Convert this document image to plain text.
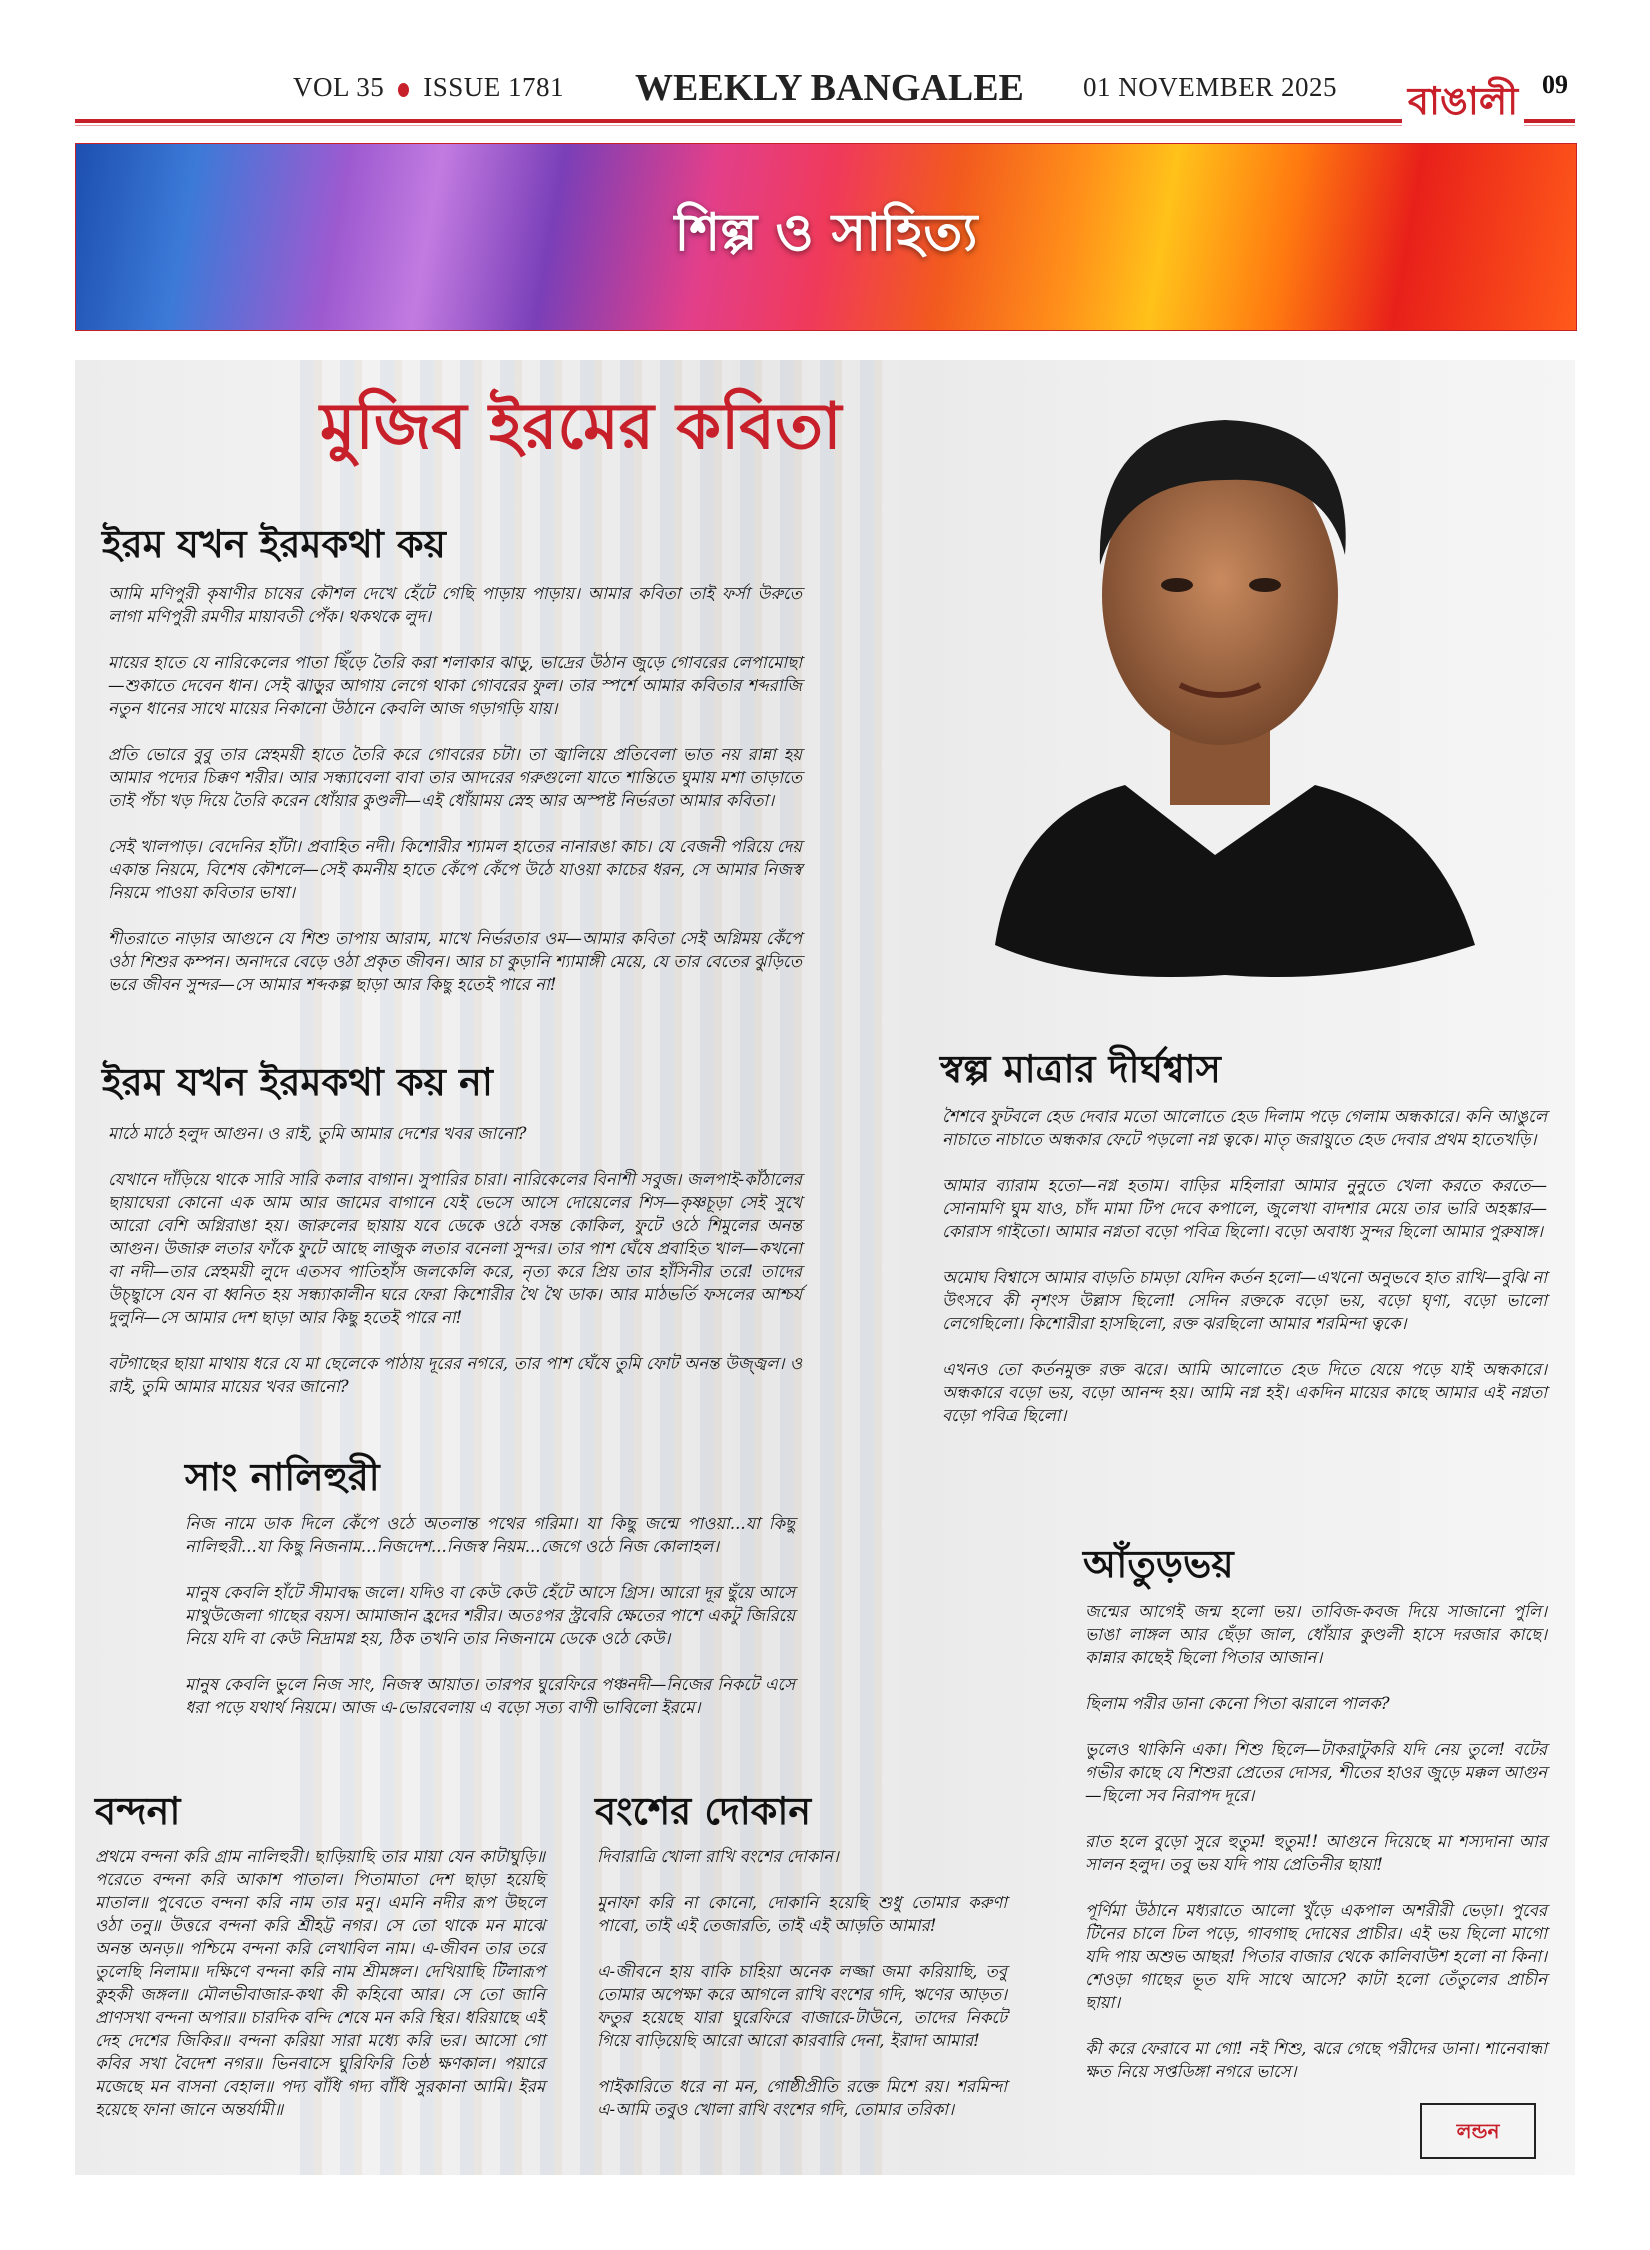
VOL 35 ISSUE 1781 WEEKLY BANGALEE 01 NOVEMBER 2025 বাঙালী 09
শিল্প ও সাহিত্য
মুজিব ইরমের কবিতা
ইরম যখন ইরমকথা কয়

আমি মণিপুরী কৃষাণীর চাষের কৌশল দেখে হেঁটে গেছি পাড়ায় পাড়ায়। আমার কবিতা তাই ফর্সা উরুতে লাগা মণিপুরী রমণীর মায়াবতী পেঁক। থকথকে লুদ।

মায়ের হাতে যে নারিকেলের পাতা ছিঁড়ে তৈরি করা শলাকার ঝাড়ু, ভাদ্রের উঠান জুড়ে গোবরের লেপামোছা—শুকাতে দেবেন ধান। সেই ঝাড়ুর আগায় লেগে থাকা গোবরের ফুল। তার স্পর্শে আমার কবিতার শব্দরাজি নতুন ধানের সাথে মায়ের নিকানো উঠানে কেবলি আজ গড়াগড়ি যায়।

প্রতি ভোরে বুবু তার স্নেহময়ী হাতে তৈরি করে গোবরের চটা। তা জ্বালিয়ে প্রতিবেলা ভাত নয় রান্না হয় আমার পদ্যের চিক্কণ শরীর। আর সন্ধ্যাবেলা বাবা তার আদরের গরুগুলো যাতে শান্তিতে ঘুমায় মশা তাড়াতে তাই পঁচা খড় দিয়ে তৈরি করেন ধোঁয়ার কুণ্ডলী—এই ধোঁয়াময় স্নেহ আর অস্পষ্ট নির্ভরতা আমার কবিতা।

সেই খালপাড়। বেদেনির হাঁটা। প্রবাহিত নদী। কিশোরীর শ্যামল হাতের নানারঙা কাচ। যে বেজনী পরিয়ে দেয় একান্ত নিয়মে, বিশেষ কৌশলে—সেই কমনীয় হাতে কেঁপে কেঁপে উঠে যাওয়া কাচের ধরন, সে আমার নিজস্ব নিয়মে পাওয়া কবিতার ভাষা।

শীতরাতে নাড়ার আগুনে যে শিশু তাপায় আরাম, মাখে নির্ভরতার ওম—আমার কবিতা সেই অগ্নিময় কেঁপে ওঠা শিশুর কম্পন। অনাদরে বেড়ে ওঠা প্রকৃত জীবন। আর চা কুড়ানি শ্যামাঙ্গী মেয়ে, যে তার বেতের ঝুড়িতে ভরে জীবন সুন্দর—সে আমার শব্দকল্প ছাড়া আর কিছু হতেই পারে না!

ইরম যখন ইরমকথা কয় না

মাঠে মাঠে হলুদ আগুন। ও রাই, তুমি আমার দেশের খবর জানো?

যেখানে দাঁড়িয়ে থাকে সারি সারি কলার বাগান। সুপারির চারা। নারিকেলের বিনাশী সবুজ। জলপাই-কাঁঠালের ছায়াঘেরা কোনো এক আম আর জামের বাগানে যেই ভেসে আসে দোয়েলের শিস—কৃষ্ণচূড়া সেই সুখে আরো বেশি অগ্নিরাঙা হয়। জারুলের ছায়ায় যবে ডেকে ওঠে বসন্ত কোকিল, ফুটে ওঠে শিমুলের অনন্ত আগুন। উজারু লতার ফাঁকে ফুটে আছে লাজুক লতার বনেলা সুন্দর। তার পাশ ঘেঁষে প্রবাহিত খাল—কখনো বা নদী—তার স্নেহময়ী লুদে এতসব পাতিহাঁস জলকেলি করে, নৃত্য করে প্রিয় তার হাঁসিনীর তরে! তাদের উচ্ছ্বাসে যেন বা ধ্বনিত হয় সন্ধ্যাকালীন ঘরে ফেরা কিশোরীর থৈ থৈ ডাক। আর মাঠভর্তি ফসলের আশ্চর্য দুলুনি—সে আমার দেশ ছাড়া আর কিছু হতেই পারে না!

বটগাছের ছায়া মাথায় ধরে যে মা ছেলেকে পাঠায় দূরের নগরে, তার পাশ ঘেঁষে তুমি ফোট অনন্ত উজ্জ্বল। ও রাই, তুমি আমার মায়ের খবর জানো?

সাং নালিহুরী

নিজ নামে ডাক দিলে কেঁপে ওঠে অতলান্ত পথের গরিমা। যা কিছু জন্মে পাওয়া...যা কিছু নালিহুরী...যা কিছু নিজনাম...নিজদেশ...নিজস্ব নিয়ম...জেগে ওঠে নিজ কোলাহল।

মানুষ কেবলি হাঁটে সীমাবদ্ধ জলে। যদিও বা কেউ কেউ হেঁটে আসে গ্রিস। আরো দূর ছুঁয়ে আসে মাথুউজেলা গাছের বয়স। আমাজান হ্রদের শরীর। অতঃপর স্ট্রবেরি ক্ষেতের পাশে একটু জিরিয়ে নিয়ে যদি বা কেউ নিদ্রামগ্ন হয়, ঠিক তখনি তার নিজনামে ডেকে ওঠে কেউ।

মানুষ কেবলি ভুলে নিজ সাং, নিজস্ব আয়াত। তারপর ঘুরেফিরে পঞ্চনদী—নিজের নিকটে এসে ধরা পড়ে যথার্থ নিয়মে। আজ এ-ভোরবেলায় এ বড়ো সত্য বাণী ভাবিলো ইরমে।

বন্দনা

প্রথমে বন্দনা করি গ্রাম নালিহুরী। ছাড়িয়াছি তার মায়া যেন কাটাঘুড়ি॥ পরেতে বন্দনা করি আকাশ পাতাল। পিতামাতা দেশ ছাড়া হয়েছি মাতাল॥ পুবেতে বন্দনা করি নাম তার মনু। এমনি নদীর রূপ উছলে ওঠা তনু॥ উত্তরে বন্দনা করি শ্রীহট্ট নগর। সে তো থাকে মন মাঝে অনন্ত অনড়॥ পশ্চিমে বন্দনা করি লেখাবিল নাম। এ-জীবন তার তরে তুলেছি নিলাম॥ দক্ষিণে বন্দনা করি নাম শ্রীমঙ্গল। দেখিয়াছি টিলারূপ কুহকী জঙ্গল॥ মৌলভীবাজার-কথা কী কহিবো আর। সে তো জানি প্রাণসখা বন্দনা অপার॥ চারদিক বন্দি শেষে মন করি স্থির। ধরিয়াছে এই দেহ দেশের জিকির॥ বন্দনা করিয়া সারা মধ্যে করি ভর। আসো গো কবির সখা বৈদেশ নগর॥ ভিনবাসে ঘুরিফিরি তিষ্ঠ ক্ষণকাল। পয়ারে মজেছে মন বাসনা বেহাল॥ পদ্য বাঁধি গদ্য বাঁধি সুরকানা আমি। ইরম হয়েছে ফানা জানে অন্তর্যামী॥

বংশের দোকান

দিবারাত্রি খোলা রাখি বংশের দোকান।

মুনাফা করি না কোনো, দোকানি হয়েছি শুধু তোমার করুণা পাবো, তাই এই তেজারতি, তাই এই আড়তি আমার!

এ-জীবনে হায় বাকি চাহিয়া অনেক লজ্জা জমা করিয়াছি, তবু তোমার অপেক্ষা করে আগলে রাখি বংশের গদি, ঋণের আড়ত। ফতুর হয়েছে যারা ঘুরেফিরে বাজারে-টাউনে, তাদের নিকটে গিয়ে বাড়িয়েছি আরো আরো কারবারি দেনা, ইরাদা আমার!

পাইকারিতে ধরে না মন, গোষ্ঠীপ্রীতি রক্তে মিশে রয়। শরমিন্দা এ-আমি তবুও খোলা রাখি বংশের গদি, তোমার তরিকা।

স্বল্প মাত্রার দীর্ঘশ্বাস

শৈশবে ফুটবলে হেড দেবার মতো আলোতে হেড দিলাম পড়ে গেলাম অন্ধকারে। কনি আঙুলে নাচাতে নাচাতে অন্ধকার ফেটে পড়লো নগ্ন ত্বকে। মাতৃ জরায়ুতে হেড দেবার প্রথম হাতেখড়ি।

আমার ব্যারাম হতো—নগ্ন হতাম। বাড়ির মহিলারা আমার নুনুতে খেলা করতে করতে—সোনামণি ঘুম যাও, চাঁদ মামা টিপ দেবে কপালে, জুলেখা বাদশার মেয়ে তার ভারি অহঙ্কার—কোরাস গাইতো। আমার নগ্নতা বড়ো পবিত্র ছিলো। বড়ো অবাধ্য সুন্দর ছিলো আমার পুরুষাঙ্গ।

অমোঘ বিশ্বাসে আমার বাড়তি চামড়া যেদিন কর্তন হলো—এখনো অনুভবে হাত রাখি—বুঝি না উৎসবে কী নৃশংস উল্লাস ছিলো! সেদিন রক্তকে বড়ো ভয়, বড়ো ঘৃণা, বড়ো ভালো লেগেছিলো। কিশোরীরা হাসছিলো, রক্ত ঝরছিলো আমার শরমিন্দা ত্বকে।

এখনও তো কর্তনমুক্ত রক্ত ঝরে। আমি আলোতে হেড দিতে যেয়ে পড়ে যাই অন্ধকারে। অন্ধকারে বড়ো ভয়, বড়ো আনন্দ হয়। আমি নগ্ন হই। একদিন মায়ের কাছে আমার এই নগ্নতা বড়ো পবিত্র ছিলো।

আঁতুড়ভয়

জন্মের আগেই জন্ম হলো ভয়। তাবিজ-কবজ দিয়ে সাজানো পুলি। ভাঙা লাঙ্গল আর ছেঁড়া জাল, ধোঁয়ার কুণ্ডলী হাসে দরজার কাছে। কান্নার কাছেই ছিলো পিতার আজান।

ছিলাম পরীর ডানা কেনো পিতা ঝরালে পালক?

ভুলেও থাকিনি একা। শিশু ছিলে—টাকরাটুকরি যদি নেয় তুলে! বটের গভীর কাছে যে শিশুরা প্রেতের দোসর, শীতের হাওর জুড়ে মক্কল আগুন—ছিলো সব নিরাপদ দূরে।

রাত হলে বুড়ো সুরে হুতুম! হুতুম!! আগুনে দিয়েছে মা শস্যদানা আর সালন হলুদ। তবু ভয় যদি পায় প্রেতিনীর ছায়া!

পূর্ণিমা উঠানে মধ্যরাতে আলো খুঁড়ে একপাল অশরীরী ভেড়া। পুবের টিনের চালে ঢিল পড়ে, গাবগাছ দোষের প্রাচীর। এই ভয় ছিলো মাগো যদি পায় অশুভ আছর! পিতার বাজার থেকে কালিবাউশ হলো না কিনা। শেওড়া গাছের ভূত যদি সাথে আসে? কাটা হলো তেঁতুলের প্রাচীন ছায়া।

কী করে ফেরাবে মা গো! নই শিশু, ঝরে গেছে পরীদের ডানা। শানেবান্ধা ক্ষত নিয়ে সপ্তডিঙ্গা নগরে ভাসে।

লন্ডন
